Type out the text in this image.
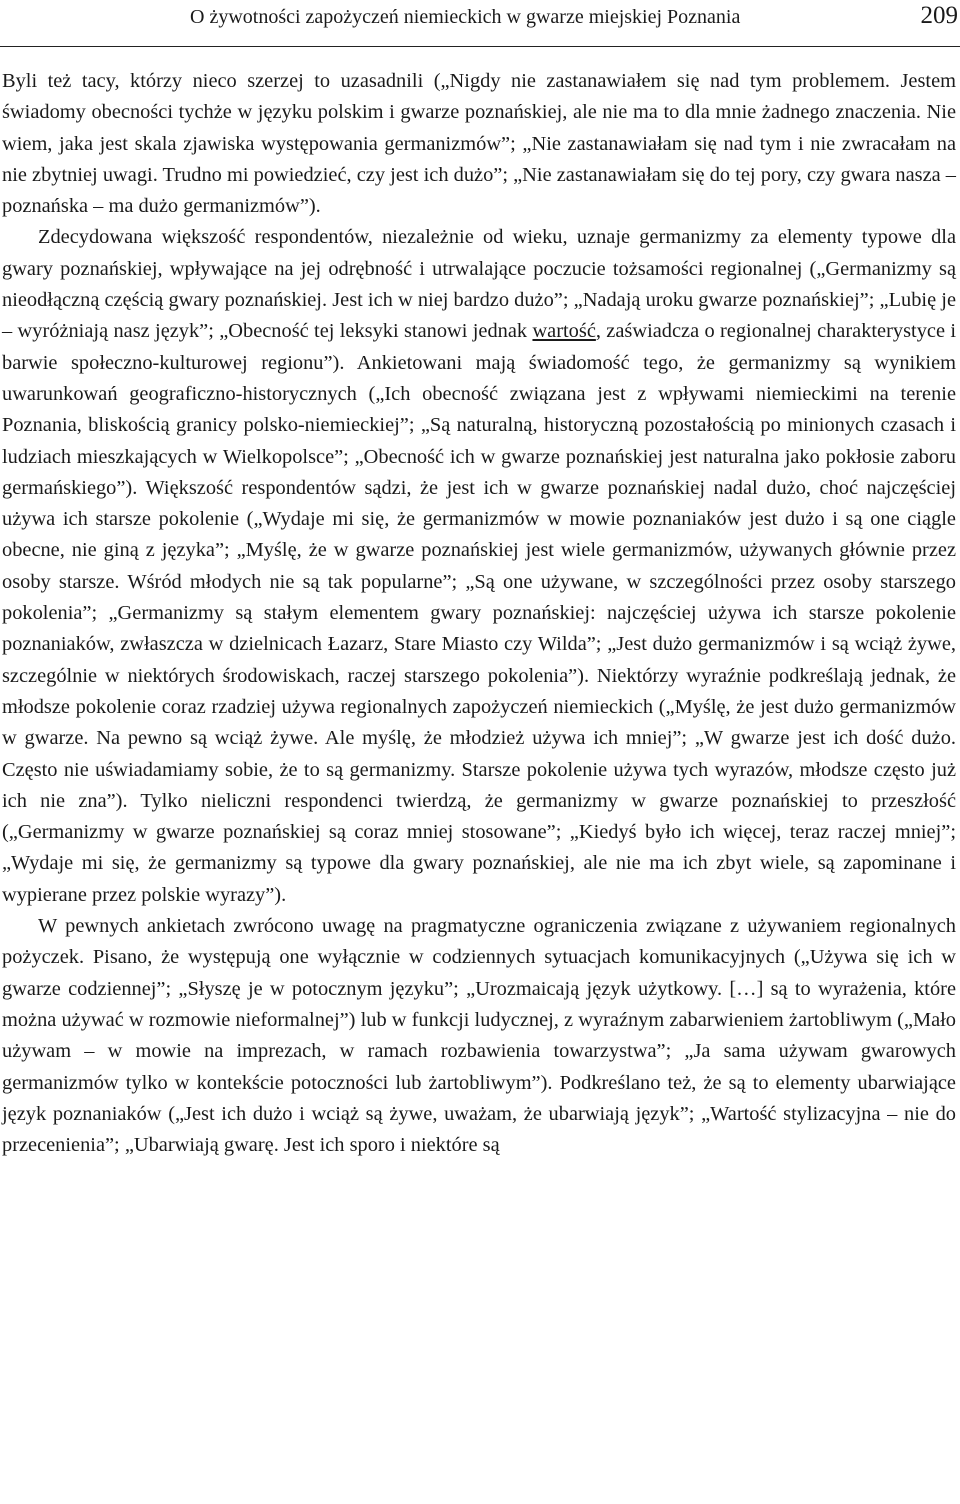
O żywotności zapożyczeń niemieckich w gwarze miejskiej Poznania	209

Byli też tacy, którzy nieco szerzej to uzasadnili („Nigdy nie zastanawiałem się nad tym problemem. Jestem świadomy obecności tychże w języku polskim i gwarze poznańskiej, ale nie ma to dla mnie żadnego znaczenia. Nie wiem, jaka jest skala zjawiska występowania germanizmów”; „Nie zastanawiałam się nad tym i nie zwracałam na nie zbytniej uwagi. Trudno mi powiedzieć, czy jest ich dużo”; „Nie zastanawiałam się do tej pory, czy gwara nasza – poznańska – ma dużo germanizmów”).

Zdecydowana większość respondentów, niezależnie od wieku, uznaje germanizmy za elementy typowe dla gwary poznańskiej, wpływające na jej odrębność i utrwalające poczucie tożsamości regionalnej („Germanizmy są nieodłączną częścią gwary poznańskiej. Jest ich w niej bardzo dużo”; „Nadają uroku gwarze poznańskiej”; „Lubię je – wyróżniają nasz język”; „Obecność tej leksyki stanowi jednak wartość, zaświadcza o regionalnej charakterystyce i barwie społeczno-kulturowej regionu”). Ankietowani mają świadomość tego, że germanizmy są wynikiem uwarunkowań geograficzno-historycznych („Ich obecność związana jest z wpływami niemieckimi na terenie Poznania, bliskością granicy polsko-niemieckiej”; „Są naturalną, historyczną pozostałością po minionych czasach i ludziach mieszkających w Wielkopolsce”; „Obecność ich w gwarze poznańskiej jest naturalna jako pokłosie zaboru germańskiego”). Większość respondentów sądzi, że jest ich w gwarze poznańskiej nadal dużo, choć najczęściej używa ich starsze pokolenie („Wydaje mi się, że germanizmów w mowie poznaniaków jest dużo i są one ciągle obecne, nie giną z języka”; „Myślę, że w gwarze poznańskiej jest wiele germanizmów, używanych głównie przez osoby starsze. Wśród młodych nie są tak popularne”; „Są one używane, w szczególności przez osoby starszego pokolenia”; „Germanizmy są stałym elementem gwary poznańskiej: najczęściej używa ich starsze pokolenie poznaniaków, zwłaszcza w dzielnicach Łazarz, Stare Miasto czy Wilda”; „Jest dużo germanizmów i są wciąż żywe, szczególnie w niektórych środowiskach, raczej starszego pokolenia”). Niektórzy wyraźnie podkreślają jednak, że młodsze pokolenie coraz rzadziej używa regionalnych zapożyczeń niemieckich („Myślę, że jest dużo germanizmów w gwarze. Na pewno są wciąż żywe. Ale myślę, że młodzież używa ich mniej”; „W gwarze jest ich dość dużo. Często nie uświadamiamy sobie, że to są germanizmy. Starsze pokolenie używa tych wyrazów, młodsze często już ich nie zna”). Tylko nieliczni respondenci twierdzą, że germanizmy w gwarze poznańskiej to przeszłość („Germanizmy w gwarze poznańskiej są coraz mniej stosowane”; „Kiedyś było ich więcej, teraz raczej mniej”; „Wydaje mi się, że germanizmy są typowe dla gwary poznańskiej, ale nie ma ich zbyt wiele, są zapominane i wypierane przez polskie wyrazy”).

W pewnych ankietach zwrócono uwagę na pragmatyczne ograniczenia związane z używaniem regionalnych pożyczek. Pisano, że występują one wyłącznie w codziennych sytuacjach komunikacyjnych („Używa się ich w gwarze codziennej”; „Słyszę je w potocznym języku”; „Urozmaicają język użytkowy. […] są to wyrażenia, które można używać w rozmowie nieformalnej”) lub w funkcji ludycznej, z wyraźnym zabarwieniem żartobliwym („Mało używam – w mowie na imprezach, w ramach rozbawienia towarzystwa”; „Ja sama używam gwarowych germanizmów tylko w kontekście potoczności lub żartobliwym”). Podkreślano też, że są to elementy ubarwiające język poznaniaków („Jest ich dużo i wciąż są żywe, uważam, że ubarwiają język”; „Wartość stylizacyjna – nie do przecenienia”; „Ubarwiają gwarę. Jest ich sporo i niektóre są
